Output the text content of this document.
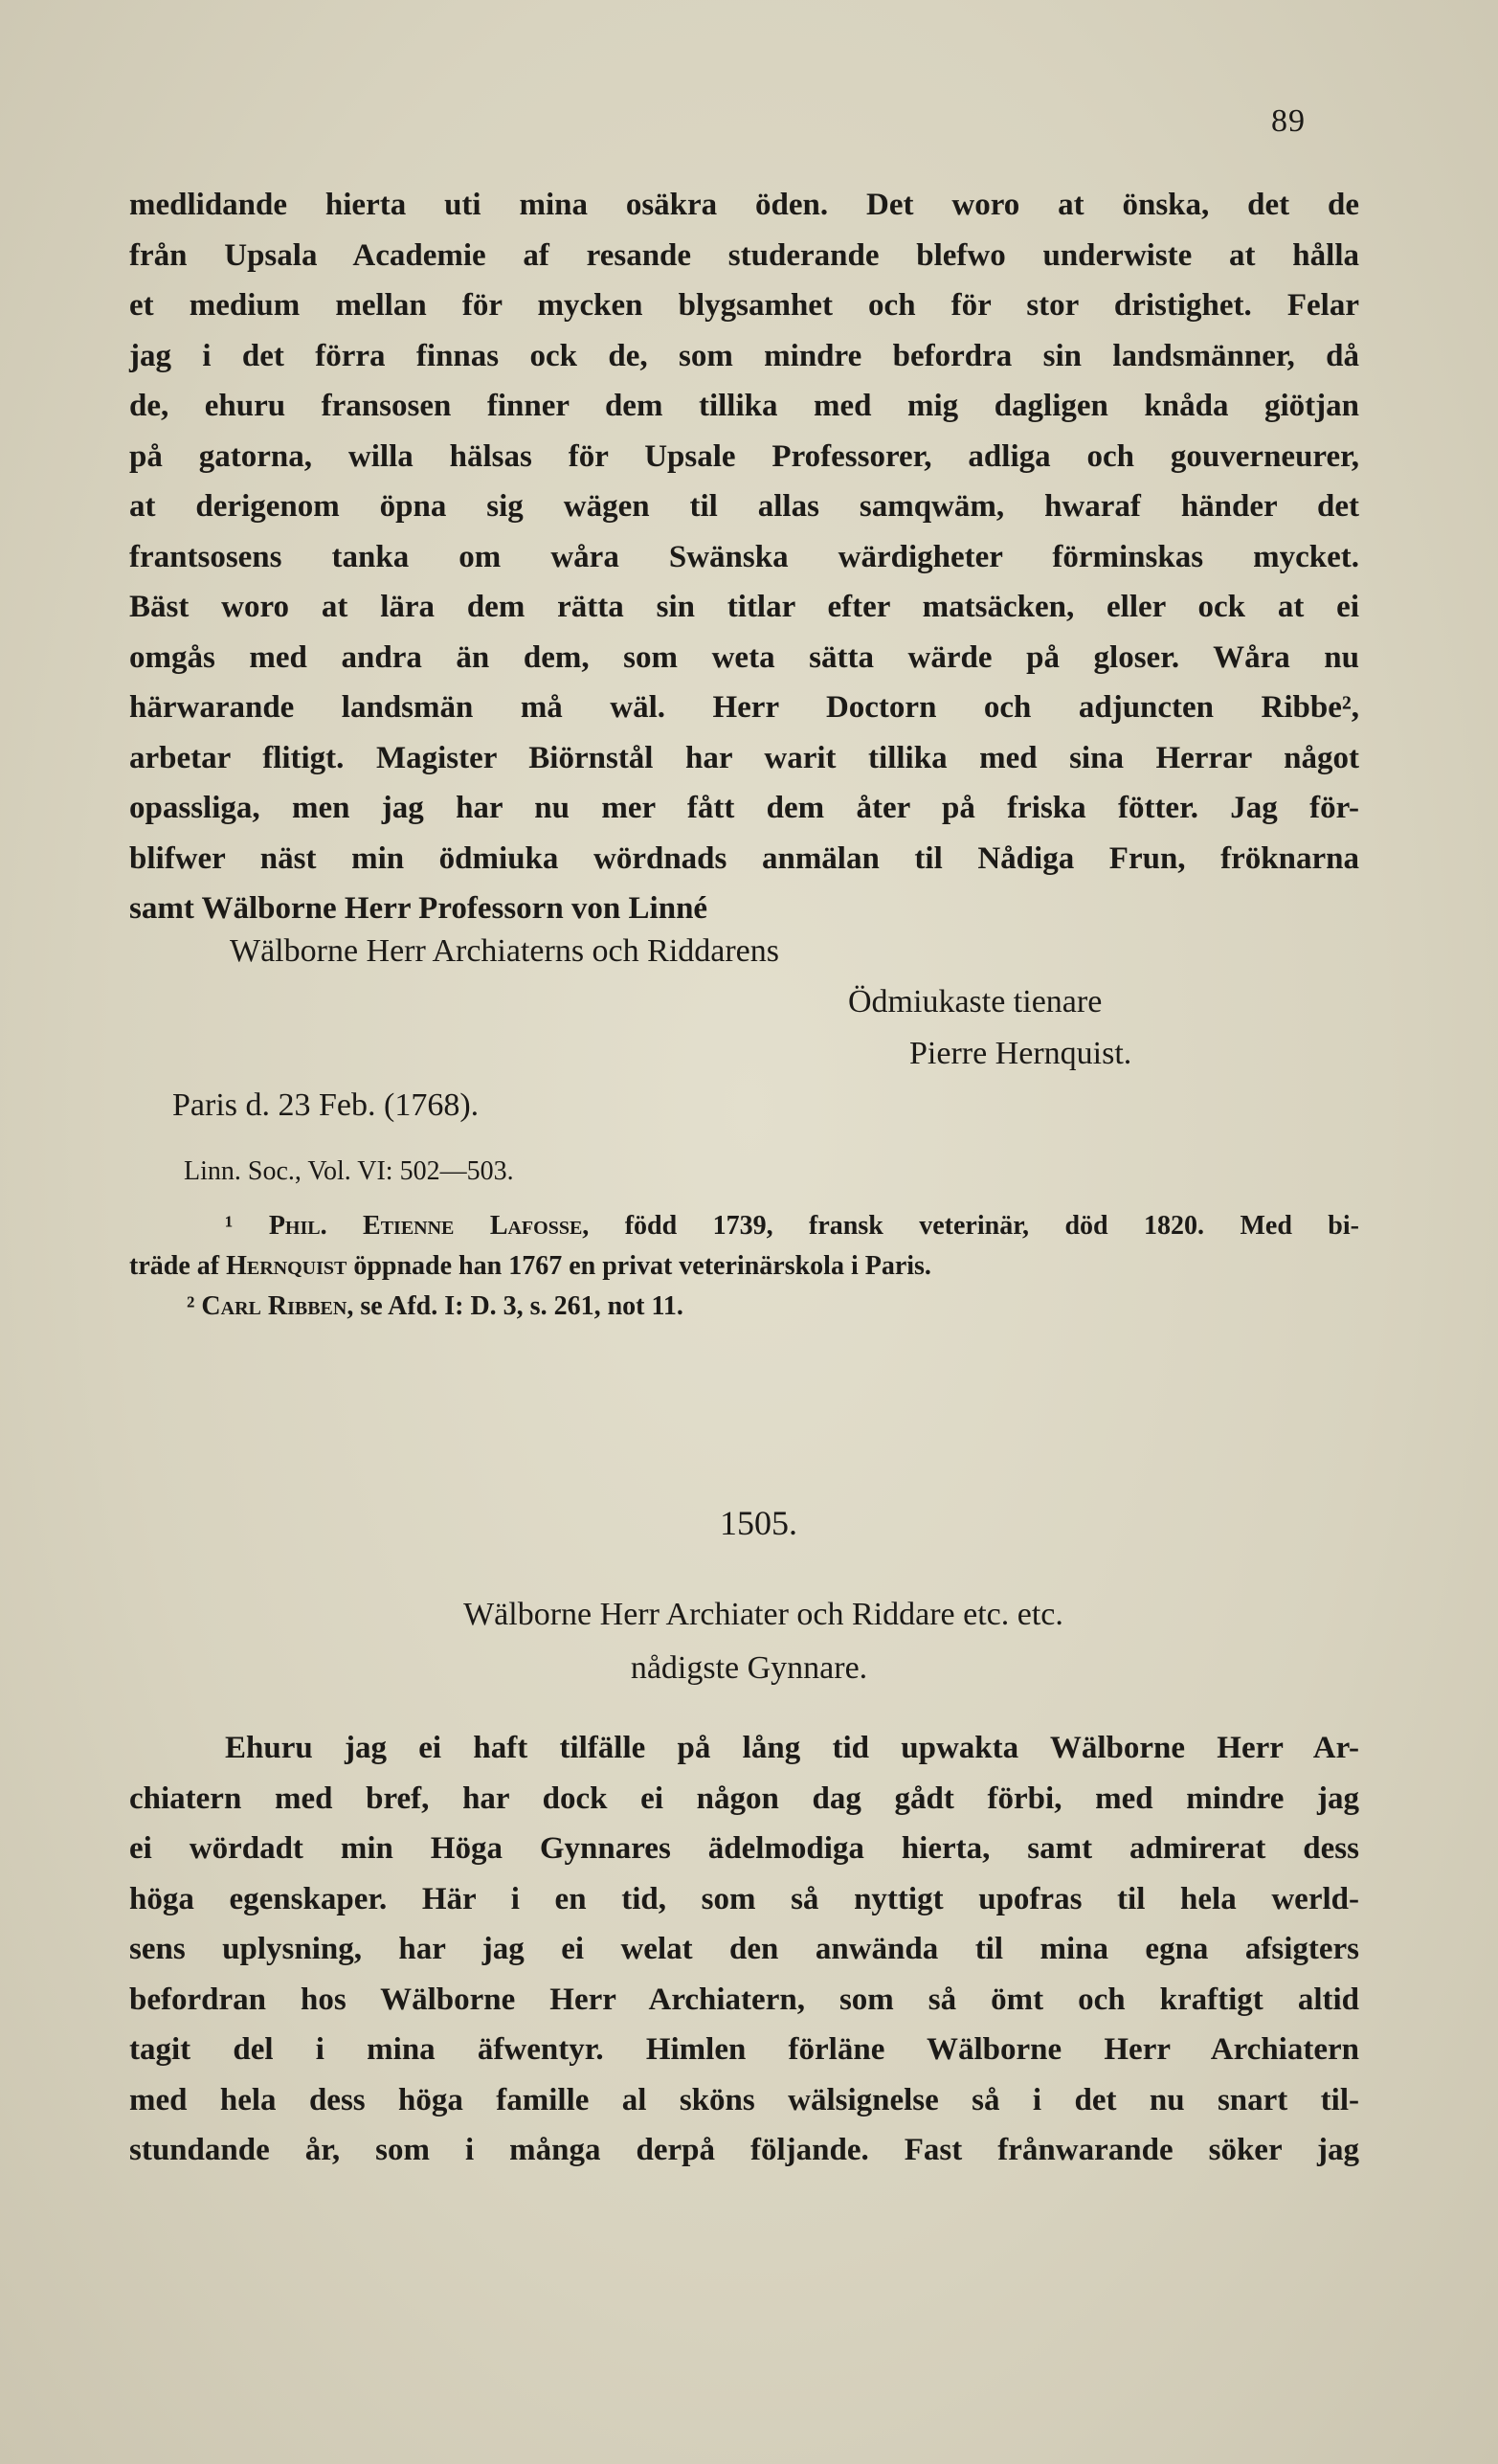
89
medlidande hierta uti mina osäkra öden. Det woro at önska, det de
från Upsala Academie af resande studerande blefwo underwiste at hålla
et medium mellan för mycken blygsamhet och för stor dristighet. Felar
jag i det förra finnas ock de, som mindre befordra sin landsmänner, då
de, ehuru fransosen finner dem tillika med mig dagligen knåda giötjan
på gatorna, willa hälsas för Upsale Professorer, adliga och gouverneurer,
at derigenom öpna sig wägen til allas samqwäm, hwaraf händer det
frantsosens tanka om wåra Swänska wärdigheter förminskas mycket.
Bäst woro at lära dem rätta sin titlar efter matsäcken, eller ock at ei
omgås med andra än dem, som weta sätta wärde på gloser. Wåra nu
härwarande landsmän må wäl. Herr Doctorn och adjuncten Ribbe²,
arbetar flitigt. Magister Biörnstål har warit tillika med sina Herrar något
opassliga, men jag har nu mer fått dem åter på friska fötter. Jag för-
blifwer näst min ödmiuka wördnads anmälan til Nådiga Frun, fröknarna
samt Wälborne Herr Professorn von Linné
Wälborne Herr Archiaterns och Riddarens
Ödmiukaste tienare
Pierre Hernquist.
Paris d. 23 Feb. (1768).
Linn. Soc., Vol. VI: 502—503.
¹ Phil. Etienne Lafosse, född 1739, fransk veterinär, död 1820. Med bi-
träde af Hernquist öppnade han 1767 en privat veterinärskola i Paris.
² Carl Ribben, se Afd. I: D. 3, s. 261, not 11.
1505.
Wälborne Herr Archiater och Riddare etc. etc.
nådigste Gynnare.
Ehuru jag ei haft tilfälle på lång tid upwakta Wälborne Herr Ar-
chiatern med bref, har dock ei någon dag gådt förbi, med mindre jag
ei wördadt min Höga Gynnares ädelmodiga hierta, samt admirerat dess
höga egenskaper. Här i en tid, som så nyttigt upofras til hela werld-
sens uplysning, har jag ei welat den anwända til mina egna afsigters
befordran hos Wälborne Herr Archiatern, som så ömt och kraftigt altid
tagit del i mina äfwentyr. Himlen förläne Wälborne Herr Archiatern
med hela dess höga famille al sköns wälsignelse så i det nu snart til-
stundande år, som i många derpå följande. Fast frånwarande söker jag
